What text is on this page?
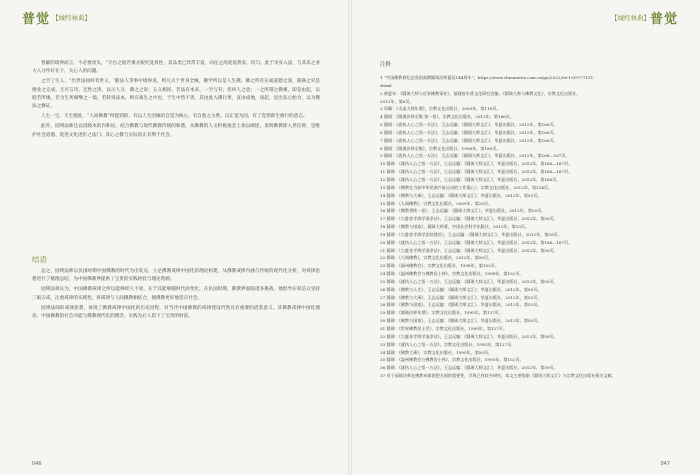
普觉 【城经林典】

皆解的境界而言，不必要改头，“天台之般若乘圣根究竟真性，其品类已异常丰富，向往之高度依然来，均匀。此于亲身入法，与其乐之业大入分作好在个，关心人的问题。

之空了生人，“出世法间何者世义，‘随法人等事中境界说，则凡夫于世身全缘，佛学所以是人生佛，佛之所有在成道德之深，圆满之究是德业之完成，无可言诗，还性之净，以示人分，佛之之说；五义相同，若法有本来，一空与有；但何人之意；一之所谓之佛乘，即是由起，以般若所缘，若为生死相继之一境，若转说法本，则应离生之中也，于生中皆不善，其由此入佛行果，直由成地，谈起，显出发心始为，以为佛法之修证。

人生一宝，天生德此，“人间佛教”所提到的，有以人生因缘的自觉为核心，有自他之关系，以正觉为因，有了觉悟即生修行的意志。

此外，园瑛法师还以园陵本的内和论，结合佛教与现代佛教传统的和谐，从佛教的人文积极观念上加以阐述，说明佛教即入世信仰，是维护社会道德、促进文化进步之法门；其心之教与实际真正有利于社会。

结语

总之，园瑛法师以民国时期中国佛教的时代为出发点，立足佛教戒律中国化的理论构建，从佛教戒律内涵与传统的现代化分析，对戒律思想进行了梳理总结，为中国佛教界提供了宝贵的实践经验与理论资源。

园瑛法师认为，中国佛教戒律之所以能够经久不衰，在于其能够随时代而变化。在民国时期，佛教界面临诸多挑战，他倡导在家信众受持三皈五戒，注重戒律的实践性，将戒律与人间佛教相结合，使佛教更好地适应社会。

园瑛法师的戒律思想，体现了佛教戒律中国化的历史进程，对当代中国佛教的戒律建设仍然具有重要的借鉴意义。其佛教戒律中国化理论、中国佛教的社会功能与佛教现代化的理念、实践为后人留下了宝贵的财富。

046
【城经林典】 普觉
注释
1 “中国佛教界纪念爱国高僧圆瑛法师诞辰144周年”，https://www.chinanews.com.cn/gn/2022/06-10/9777151.
shtml
2 黄夏年：《圆瑛大师与近事佛教事业》，福建省东普文化研究会编，《圆瑛大师与佛教文化》，宗教文化出版社，
2012年，第6页。
3 印顺：《太虚大师年谱》，宗教文化出版社，2005年，第118页。
4 圆瑛：《圆瑛法师全集·第一卷》，宗教文化出版社，2012年，第166页。
5 圆瑛：《就执人心之悟一万法》，王志远编：《圆瑛大师文汇》，华夏出版社，2012年，第166页。
6 圆瑛：《就执人心之悟一万法》，王志远编：《圆瑛大师文汇》，华夏出版社，2012年，第166页。
7 圆瑛：《就执人心之悟一万法》，王志远编：《圆瑛大师文汇》，华夏出版社，2012年，第166页。
8 圆瑛：《圆瑛法师全集》，宗教文化出版社，1996年，第189页。
9 圆瑛：《就执人心之悟一万法》，王志远编：《圆瑛大师文汇》，华夏出版社，2012年，第166—167页。
10 圆瑛：《就执人心之悟一万法》，王志远编：《圆瑛大师文汇》，华夏出版社，2012年，第166—167页。
11 圆瑛：《就执人心之悟一万法》，王志远编：《圆瑛大师文汇》，华夏出版社，2012年，第166—167页。
12 圆瑛：《就执人心之悟一万法》，王志远编：《圆瑛大师文汇》，华夏出版社，2012年，第166页。
13 圆瑛：《佛教在当前中华民族兴复运动的工作重心》，宗教文化出版社，2012年，第214页。
14 圆瑛：《佛教与大乘》，王志远编：《圆瑛大师文汇》，华夏出版社，2012年，第53页。
15 圆瑛：《人间佛教》，宗教文化出版社，2009年，第28页。
16 圆瑛：《佛教将续一卷》，王志远编：《圆瑛大师文汇》，华夏出版社，2012年，第50页。
17 圆瑛：《大慈金寺海学清净法》，王志远编：《圆瑛大师文汇》，华夏出版社，2012年，第50页。
18 圆瑛：《佛教与国家》，圆瑛大师著，中国社会科学出版社，2012年，第53页。
19 圆瑛：《大慈金寺海学法院建设》，王志远编：《圆瑛大师文汇》，华夏出版社，2012年，第59页。
20 圆瑛：《就执人心之悟一万法》，王志远编：《圆瑛大师文汇》，华夏出版社，2012年，第166—167页。
21 圆瑛：《大慈金寺海学清净法》，王志远编：《圆瑛大师文汇》，华夏出版社，2012年，第50页。
22 圆瑛：《人间佛教》，宗教文化出版社，2012年，第50页。
23 圆瑛：《福州佛教会》，宗教文化出版社，1998年，第102页。
24 圆瑛：《温州佛教会与佛教居士林》，宗教文化出版社，1998年，第102页。
25 圆瑛：《就执人心之悟一万法》，王志远编：《圆瑛大师文汇》，华夏出版社，2012年，第50页。
26 圆瑛：《佛教与人生》，王志远编：《圆瑛大师文汇》，华夏出版社，2012年，第50页。
27 圆瑛：《佛教与大乘》，王志远编：《圆瑛大师文汇》，华夏出版社，2012年，第53页。
28 圆瑛：《佛教与国家》，王志远编：《圆瑛大师文汇》，华夏出版社，2012年，第53页。
29 圆瑛：《圆瑛法师年谱》，宗教文化出版社，1995年，第137页。
30 圆瑛：《佛教与国家》，王志远编：《圆瑛大师文汇》，华夏出版社，2012年，第50页。
31 圆瑛：《世界佛教居士会》，宗教文化出版社，1995年，第127页。
32 圆瑛：《大慈金寺海学清净法》，王志远编：《圆瑛大师文汇》，华夏出版社，2012年，第59页。
33 圆瑛：《就执人心之悟一万法》，宗教文化出版社，1995年，第127页。
34 圆瑛：《佛教大乘》，宗教文化出版社，1995年，第50页。
35 圆瑛：《温州佛教会与佛教居士林》，宗教文化出版社，1995年，第102页。
36 圆瑛：《就执人心之悟一万法》，王志远编：《圆瑛大师文汇》，华夏出版社，2012年，第59页。
37 对于园瑛法师在佛教戒律思想方面的重要性，学界已有较多研究，本文主要依据《圆瑛大师文汇》与宗教文化出版社相关文献。
047
